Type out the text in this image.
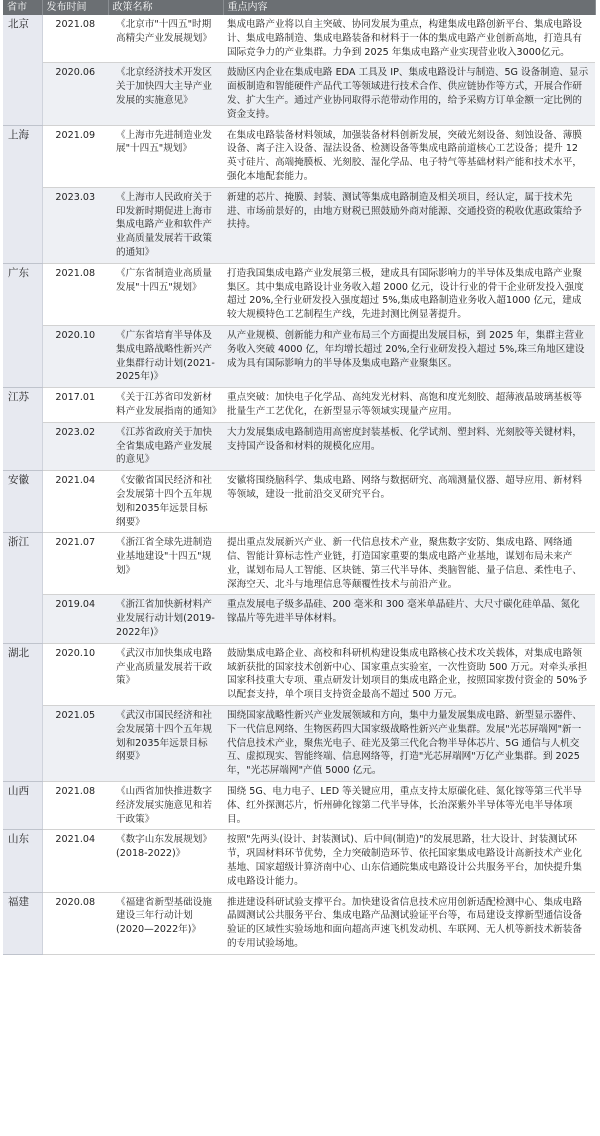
省市	发布时间	政策名称	重点内容
北京	2021.08	《北京市"十四五"时期高精尖产业发展规划》	集成电路产业将以自主突破、协同发展为重点，构建集成电路创新平台、集成电路设计、集成电路制造、集成电路装备和材料于一体的集成电路产业创新高地，打造具有国际竞争力的产业集群。力争到 2025 年集成电路产业实现营业收入3000亿元。
	2020.06	《北京经济技术开发区关于加快四大主导产业发展的实施意见》	鼓励区内企业在集成电路 EDA 工具及 IP、集成电路设计与制造、5G 设备制造、显示面板制造和智能硬件产品代工等领域进行技术合作、供应链协作等方式，开展合作研发、扩大生产。通过产业协同取得示范带动作用的，给予采购方订单金额一定比例的资金支持。
上海	2021.09	《上海市先进制造业发展"十四五"规划》	在集成电路装备材料领域，加强装备材料创新发展，突破光刻设备、刻蚀设备、薄膜设备、离子注入设备、湿法设备、检测设备等集成电路前道核心工艺设备；提升 12 英寸硅片、高端掩膜板、光刻胶、湿化学品、电子特气等基础材料产能和技术水平，强化本地配套能力。
	2023.03	《上海市人民政府关于印发新时期促进上海市集成电路产业和软件产业高质量发展若干政策的通知》	新建的芯片、掩膜、封装、测试等集成电路制造及相关项目，经认定，属于技术先进、市场前景好的，由地方财税已照鼓励外商对能源、交通投资的税收优惠政策给予扶持。
广东	2021.08	《广东省制造业高质量发展"十四五"规划》	打造我国集成电路产业发展第三极，建成具有国际影响力的半导体及集成电路产业聚集区。其中集成电路设计业务收入超 2000 亿元，设计行业的骨干企业研发投入强度超过 20%,全行业研发投入强度超过 5%,集成电路制造业务收入超1000 亿元，建成较大规模特色工艺制程生产线，先进封测比例显著提升。
	2020.10	《广东省培育半导体及集成电路战略性新兴产业集群行动计划(2021-2025年)》	从产业规模、创新能力和产业布局三个方面提出发展目标，到 2025 年，集群主营业务收入突破 4000 亿，年均增长超过 20%,全行业研发投入超过 5%,珠三角地区建设成为具有国际影响力的半导体及集成电路产业聚集区。
江苏	2017.01	《关于江苏省印发新材料产业发展指南的通知》	重点突破：加快电子化学品、高纯发光材料、高饱和度光刻胶、超薄液晶玻璃基板等批量生产工艺优化，在新型显示等领域实现量产应用。
	2023.02	《江苏省政府关于加快全省集成电路产业发展的意见》	大力发展集成电路制造用高密度封装基板、化学试剂、塑封料、光刻胶等关键材料，支持国产设备和材料的规模化应用。
安徽	2021.04	《安徽省国民经济和社会发展第十四个五年规划和2035年远景目标纲要》	安徽将围绕脑科学、集成电路、网络与数据研究、高端测量仪器、超导应用、新材料等领域，建设一批前沿交叉研究平台。
浙江	2021.07	《浙江省全球先进制造业基地建设"十四五"规划》	提出重点发展新兴产业、新一代信息技术产业，聚焦数字安防、集成电路、网络通信、智能计算标志性产业链，打造国家重要的集成电路产业基地，谋划布局未来产业，谋划布局人工智能、区块链、第三代半导体、类脑智能、量子信息、柔性电子、深海空天、北斗与地理信息等颠覆性技术与前沿产业。
	2019.04	《浙江省加快新材料产业发展行动计划(2019-2022年)》	重点发展电子级多晶硅、200 毫米和 300 毫米单晶硅片、大尺寸碳化硅单晶、氮化镓晶片等先进半导体材料。
湖北	2020.10	《武汉市加快集成电路产业高质量发展若干政策》	鼓励集成电路企业、高校和科研机构建设集成电路核心技术攻关载体，对集成电路领域新获批的国家技术创新中心、国家重点实验室，一次性资助 500 万元。对牵头承担国家科技重大专项、重点研发计划项目的集成电路企业，按照国家拨付资金的 50%予以配套支持，单个项目支持资金最高不超过 500 万元。
	2021.05	《武汉市国民经济和社会发展第十四个五年规划和2035年远景目标纲要》	围绕国家战略性新兴产业发展领域和方向，集中力量发展集成电路、新型显示器件、下一代信息网络、生物医药四大国家级战略性新兴产业集群。发展"光芯屏端网"新一代信息技术产业，聚焦光电子、硅光及第三代化合物半导体芯片、5G 通信与人机交互、虚拟现实、智能终端、信息网络等，打造"光芯屏端网"万亿产业集群。到 2025 年，"光芯屏端网"产值 5000 亿元。
山西	2021.08	《山西省加快推进数字经济发展实施意见和若干政策》	围绕 5G、电力电子、LED 等关键应用，重点支持太原碳化硅、氮化镓等第三代半导体、红外探测芯片，忻州砷化镓第二代半导体，长治深紫外半导体等光电半导体项目。
山东	2021.04	《数字山东发展规划》(2018-2022)》	按照"先两头(设计、封装测试)、后中间(制造)"的发展思路，壮大设计、封装测试环节，巩固材料环节优势，全力突破制造环节、依托国家集成电路设计高新技术产业化基地、国家超级计算济南中心、山东信通院集成电路设计公共服务平台，加快提升集成电路设计能力。
福建	2020.08	《福建省新型基础设施建设三年行动计划(2020—2022年)》	推进建设科研试验支撑平台。加快建设省信息技术应用创新适配检测中心、集成电路晶圆测试公共服务平台、集成电路产品测试验证平台等，布局建设支撑新型通信设备验证的区域性实验场地和面向超高声速飞机发动机、车联网、无人机等新技术新装备的专用试验场地。
